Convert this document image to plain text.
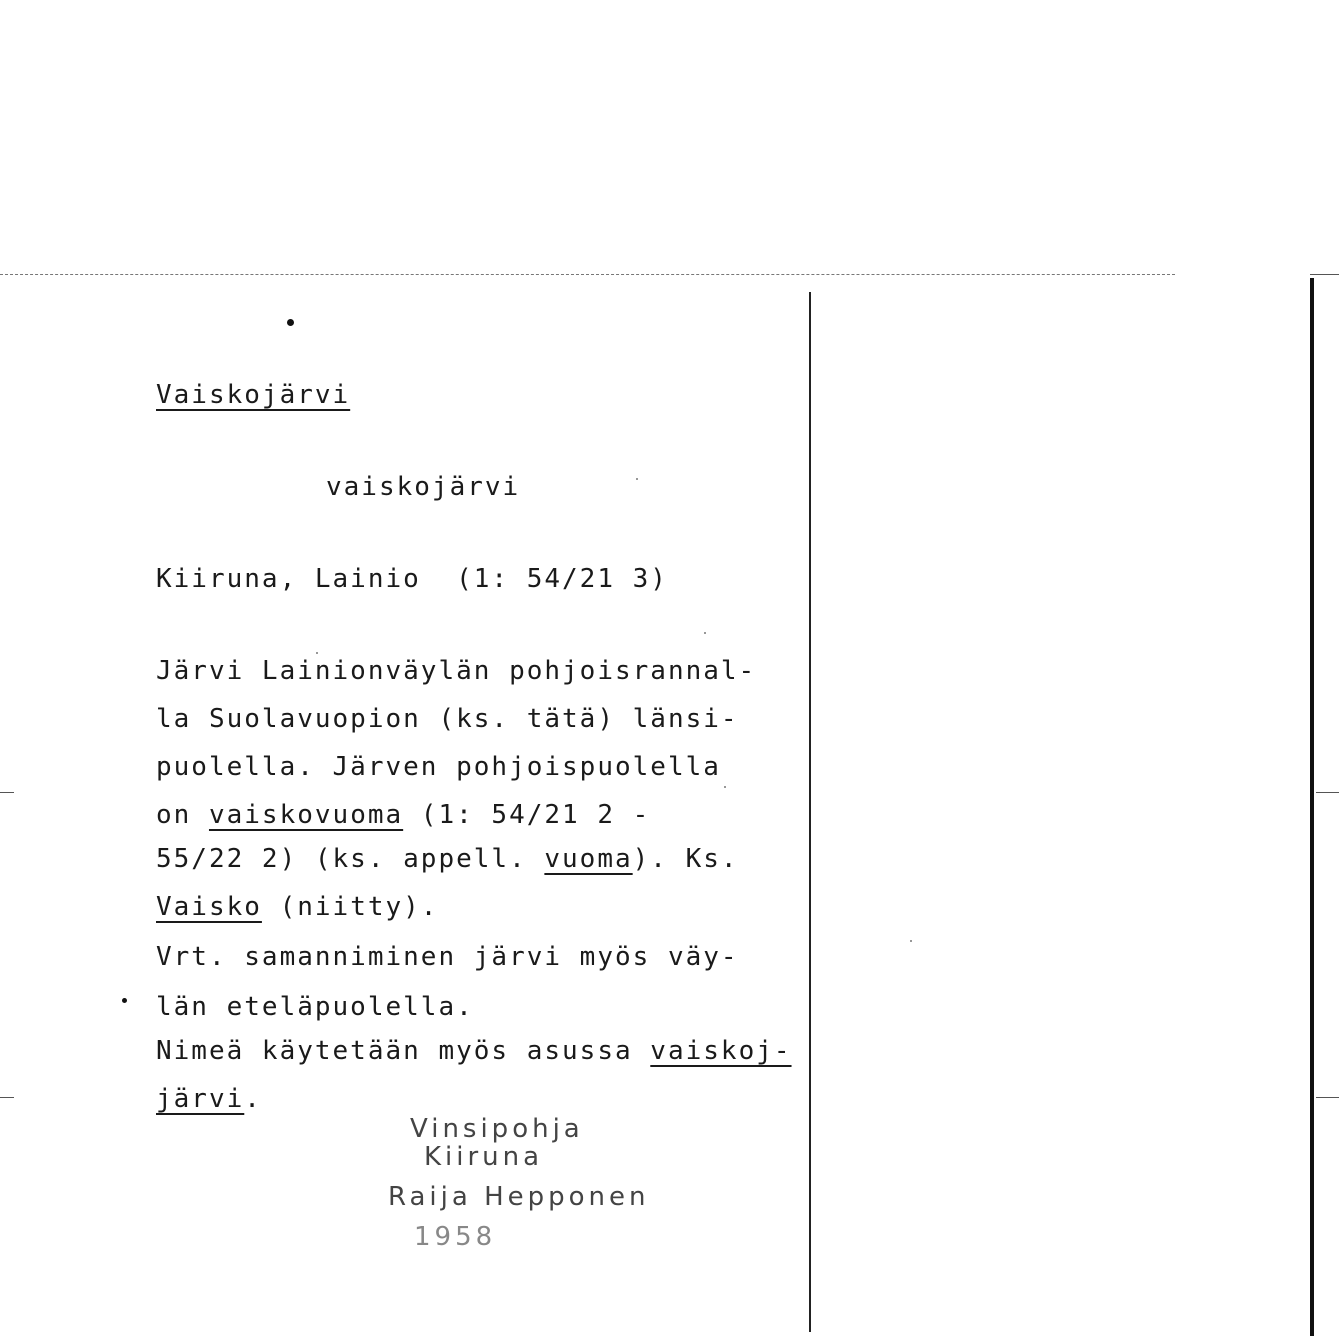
Vaiskojärvi
vaiskojärvi
Kiiruna, Lainio  (1: 54/21 3)
Järvi Lainionväylän pohjoisrannal-
la Suolavuopion (ks. tätä) länsi-
puolella. Järven pohjoispuolella
on vaiskovuoma (1: 54/21 2 -
55/22 2) (ks. appell. vuoma). Ks.
Vaisko (niitty).
Vrt. samanniminen järvi myös väy-
län eteläpuolella.
Nimeä käytetään myös asussa vaiskoj-
järvi.
Vinsipohja
Kiiruna
Raija Hepponen
1958
